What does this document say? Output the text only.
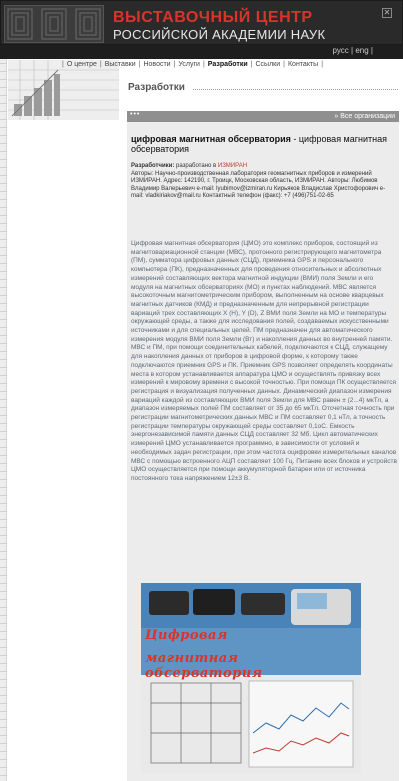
ВЫСТАВОЧНЫЙ ЦЕНТР
РОССИЙСКОЙ АКАДЕМИИ НАУК
✕
русс | eng |
| О центре | Выставки | Новости | Услуги | Разработки | Ссылки | Контакты |
Разработки
•••	» Все организации
цифровая магнитная обсерватория - цифровая магнитная обсерватория
Разработчики: разработано в ИЗМИРАН
Авторы: Научно-производственная лаборатория геомагнитных приборов и измерений ИЗМИРАН. Адрес: 142190, г. Троицк, Московская область, ИЗМИРАН. Авторы: Любимов Владимир Валерьевич e-mail: lyubimov@izmiran.ru Кирьяков Владислав Христофорович e-mail: vladkiriakov@mail.ru Контактный телефон (факс): +7 (496)751-02-65
Цифровая магнитная обсерватория (ЦМО) это комплекс приборов, состоящий из магнитовариационной станции (МВС), протонного регистрирующего магнитометра (ПМ), сумматора цифровых данных (СЦД), приемника GPS и персонального компьютера (ПК), предназначенных для проведения относительных и абсолютных измерений составляющих вектора магнитной индукции (ВМИ) поля Земли и его модуля на магнитных обсерваториях (МО) и пунктах наблюдений. МВС является высокоточным магнитометрическим прибором, выполненным на основе кварцевых магнитных датчиков (КМД) и предназначенным для непрерывной регистрации вариаций трех составляющих X (H), Y (D), Z ВМИ поля Земли на МО и температуры окружающей среды, а также для исследования полей, создаваемых искусственными источниками и для специальных целей. ПМ предназначен для автоматического измерения модуля ВМИ поля Земли (Вт) и накопления данных во внутренней памяти. МВС и ПМ, при помощи соединительных кабелей, подключаются к СЦД, служащему для накопления данных от приборов в цифровой форме, к которому также подключаются приемник GPS и ПК. Приемник GPS позволяет определять координаты места в котором устанавливается аппаратура ЦМО и осуществлять привязку всех измерений к мировому времени с высокой точностью. При помощи ПК осуществляется регистрация и визуализация полученных данных. Динамический диапазон измерения вариаций каждой из составляющих ВМИ поля Земли для МВС равен ± (2...4) мкТл, а диапазон измеряемых полей ПМ составляет от 35 до 65 мкТл. Отсчетная точность при регистрации магнитометрических данных МВС и ПМ составляет 0,1 нТл, а точность регистрации температуры окружающей среды составляет 0,1оС. Емкость энергонезависимой памяти данных СЦД составляет 32 Мб. Цикл автоматических измерений ЦМО устанавливается программно, в зависимости от условий и необходимых задач регистрации, при этом частота оцифровки измерительных каналов МВС с помощью встроенного АЦП составляет 100 Гц. Питание всех блоков и устройств ЦМО осуществляется при помощи аккумуляторной батареи или от источника постоянного тока напряжением 12±3 В.
Цифровая
магнитная обсерватория
